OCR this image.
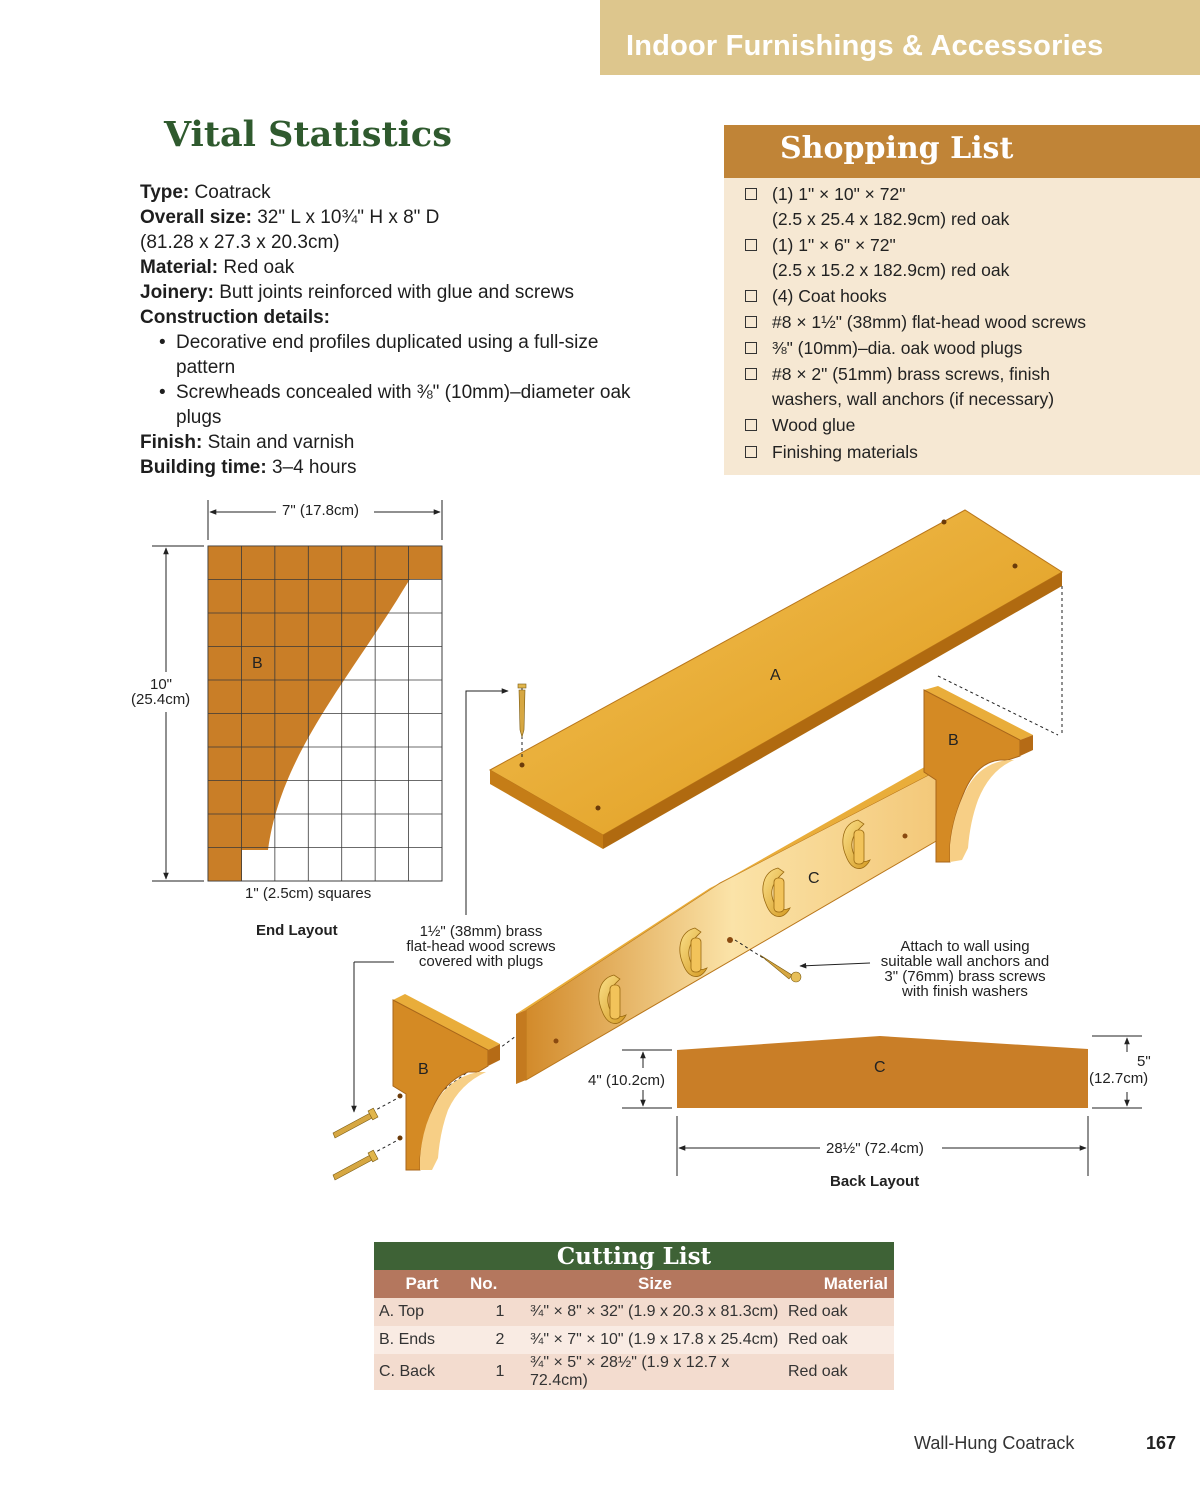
Indoor Furnishings & Accessories
Vital Statistics
Type: Coatrack
Overall size: 32" L x 10¾" H x 8" D
(81.28 x 27.3 x 20.3cm)
Material: Red oak
Joinery: Butt joints reinforced with glue and screws
Construction details:
• Decorative end profiles duplicated using a full-size pattern
• Screwheads concealed with ⅜" (10mm)–diameter oak plugs
Finish: Stain and varnish
Building time: 3–4 hours
Shopping List
(1) 1" × 10" × 72"
(2.5 x 25.4 x 182.9cm) red oak
(1) 1" × 6" × 72"
(2.5 x 15.2 x 182.9cm) red oak
(4) Coat hooks
#8 × 1½" (38mm) flat-head wood screws
⅜" (10mm)–dia. oak wood plugs
#8 × 2" (51mm) brass screws, finish
washers, wall anchors (if necessary)
Wood glue
Finishing materials
7" (17.8cm)
10"
(25.4cm)
B
1" (2.5cm) squares
End Layout
A
B
C
B
1½" (38mm) brass
flat-head wood screws
covered with plugs
Attach to wall using
suitable wall anchors and
3" (76mm) brass screws
with finish washers
4" (10.2cm)
5"
(12.7cm)
C
28½" (72.4cm)
Back Layout
Cutting List			
Part	No.	Size	Material
A. Top	1	¾" × 8" × 32" (1.9 x 20.3 x 81.3cm)	Red oak
B. Ends	2	¾" × 7" × 10" (1.9 x 17.8 x 25.4cm)	Red oak
C. Back	1	¾" × 5" × 28½" (1.9 x 12.7 x 72.4cm)	Red oak
Wall-Hung Coatrack	167
